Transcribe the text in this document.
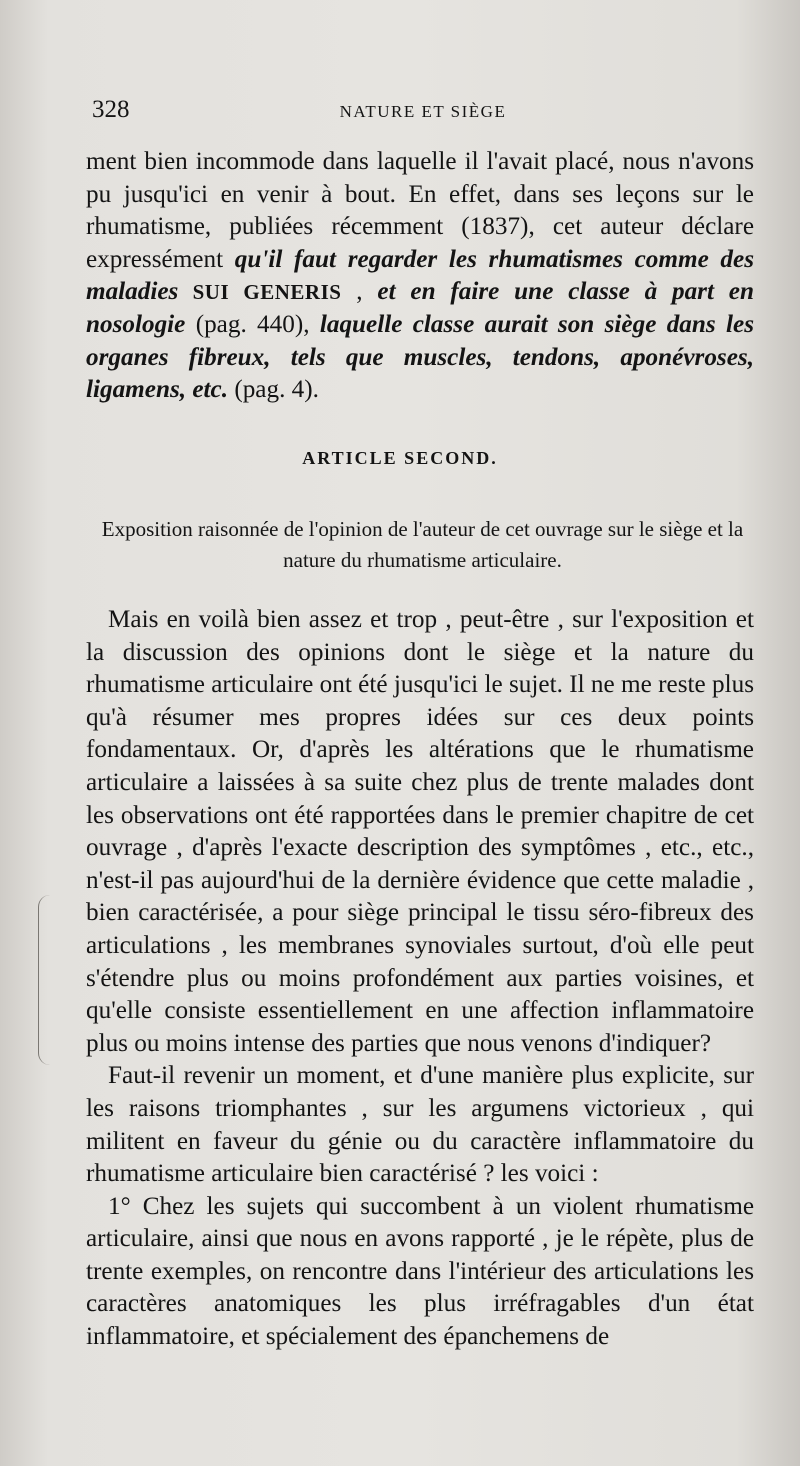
328	NATURE ET SIÈGE

ment bien incommode dans laquelle il l'avait placé, nous n'avons pu jusqu'ici en venir à bout. En effet, dans ses leçons sur le rhumatisme, publiées récemment (1837), cet auteur déclare expressément qu'il faut regarder les rhumatismes comme des maladies SUI GENERIS , et en faire une classe à part en nosologie (pag. 440), laquelle classe aurait son siège dans les organes fibreux, tels que muscles, tendons, aponévroses, ligamens, etc. (pag. 4).

ARTICLE SECOND.
Exposition raisonnée de l'opinion de l'auteur de cet ouvrage sur le siège et la nature du rhumatisme articulaire.

Mais en voilà bien assez et trop , peut-être , sur l'exposition et la discussion des opinions dont le siège et la nature du rhumatisme articulaire ont été jusqu'ici le sujet. Il ne me reste plus qu'à résumer mes propres idées sur ces deux points fondamentaux. Or, d'après les altérations que le rhumatisme articulaire a laissées à sa suite chez plus de trente malades dont les observations ont été rapportées dans le premier chapitre de cet ouvrage , d'après l'exacte description des symptômes , etc., etc., n'est-il pas aujourd'hui de la dernière évidence que cette maladie , bien caractérisée, a pour siège principal le tissu séro-fibreux des articulations , les membranes synoviales surtout, d'où elle peut s'étendre plus ou moins profondément aux parties voisines, et qu'elle consiste essentiellement en une affection inflammatoire plus ou moins intense des parties que nous venons d'indiquer?

Faut-il revenir un moment, et d'une manière plus explicite, sur les raisons triomphantes , sur les argumens victorieux , qui militent en faveur du génie ou du caractère inflammatoire du rhumatisme articulaire bien caractérisé ? les voici :

1° Chez les sujets qui succombent à un violent rhumatisme articulaire, ainsi que nous en avons rapporté , je le répète, plus de trente exemples, on rencontre dans l'intérieur des articulations les caractères anatomiques les plus irréfragables d'un état inflammatoire, et spécialement des épanchemens de
